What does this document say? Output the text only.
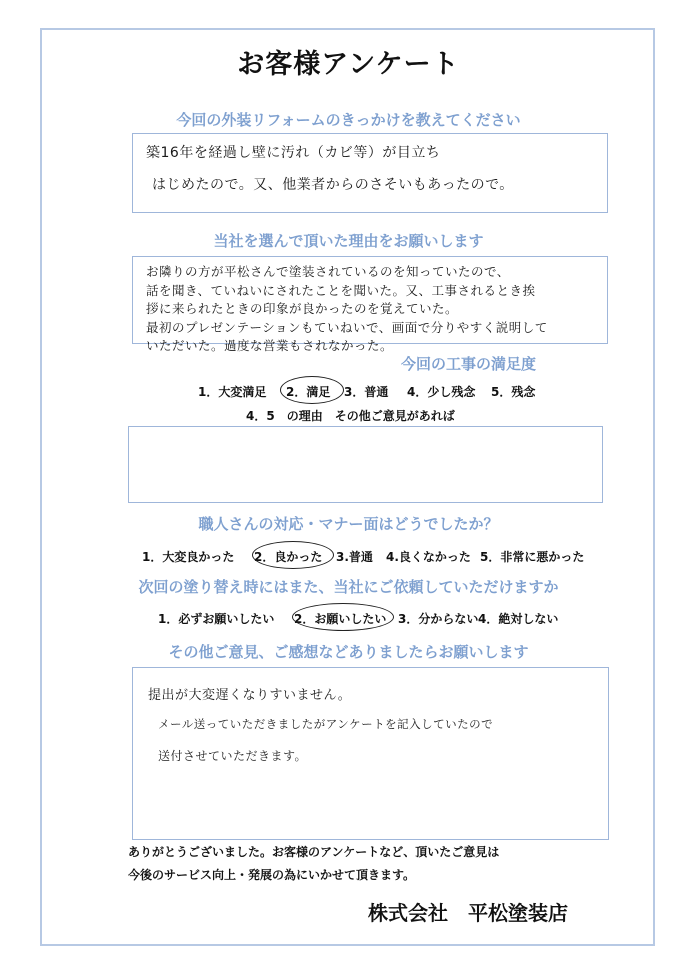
お客様アンケート
今回の外装リフォームのきっかけを教えてください
築16年を経過し壁に汚れ（カビ等）が目立ち
はじめたので。又、他業者からのさそいもあったので。
当社を選んで頂いた理由をお願いします
お隣りの方が平松さんで塗装されているのを知っていたので、
話を聞き、ていねいにされたことを聞いた。又、工事されるとき挨
拶に来られたときの印象が良かったのを覚えていた。
最初のプレゼンテーションもていねいで、画面で分りやすく説明して
いただいた。過度な営業もされなかった。
今回の工事の満足度
1．大変満足 2．満足 3．普通 4．少し残念 5．残念
4．5　の理由　その他ご意見があれば
職人さんの対応・マナー面はどうでしたか？
1．大変良かった 2．良かった 3.普通 4.良くなかった 5．非常に悪かった
次回の塗り替え時にはまた、当社にご依頼していただけますか
1．必ずお願いしたい 2．お願いしたい 3．分からない 4．絶対しない
その他ご意見、ご感想などありましたらお願いします
提出が大変遅くなりすいません。
メール送っていただきましたがアンケートを記入していたので
送付させていただきます。
ありがとうございました。お客様のアンケートなど、頂いたご意見は
今後のサービス向上・発展の為にいかせて頂きます。
株式会社　平松塗装店
